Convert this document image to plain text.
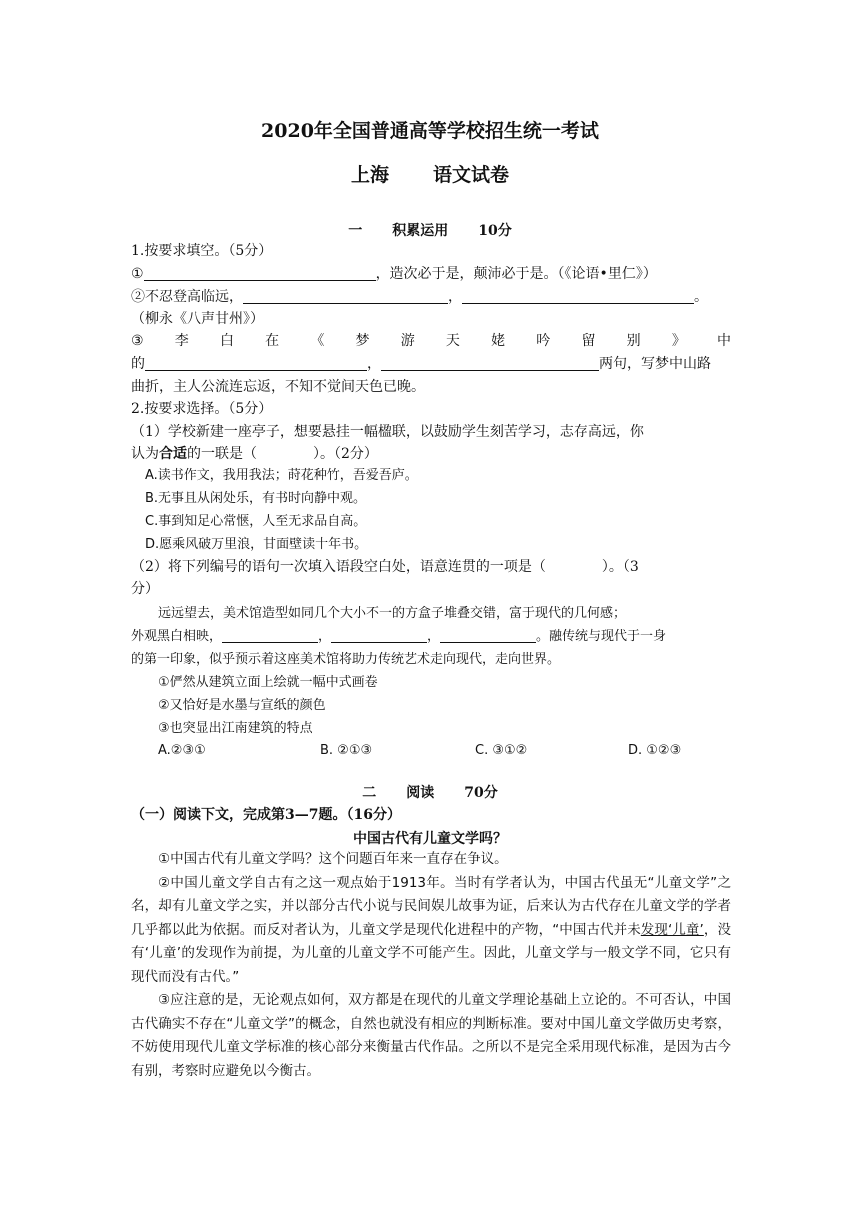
2020年全国普通高等学校招生统一考试
上海 语文试卷
一 积累运用 10分
1.按要求填空。（5分）
①	，造次必于是，颠沛必于是。（《论语•里仁》）
②不忍登高临远，	，	。
（柳永《八声甘州》）
③ 李 白 在 《 梦 游 天 姥 吟 留 别 》 中
的	，	两句，写梦中山路
曲折，主人公流连忘返，不知不觉间天色已晚。
2.按要求选择。（5分）
（1）学校新建一座亭子，想要悬挂一幅楹联，以鼓励学生刻苦学习，志存高远，你
认为合适的一联是（　　　　）。（2分）
A.读书作文，我用我法；莳花种竹，吾爱吾庐。
B.无事且从闲处乐，有书时向静中观。
C.事到知足心常惬，人至无求品自高。
D.愿乘风破万里浪，甘面壁读十年书。
（2）将下列编号的语句一次填入语段空白处，语意连贯的一项是（　　　　）。（3
分）
远远望去，美术馆造型如同几个大小不一的方盒子堆叠交错，富于现代的几何感；
外观黑白相映，	，	，	。融传统与现代于一身
的第一印象，似乎预示着这座美术馆将助力传统艺术走向现代，走向世界。
①俨然从建筑立面上绘就一幅中式画卷
②又恰好是水墨与宣纸的颜色
③也突显出江南建筑的特点
A.②③①	B. ②①③	C. ③①②	D. ①②③
二 阅读 70分
（一）阅读下文，完成第3—7题。（16分）
中国古代有儿童文学吗？

①中国古代有儿童文学吗？这个问题百年来一直存在争议。

②中国儿童文学自古有之这一观点始于1913年。当时有学者认为，中国古代虽无“儿童文学”之名，却有儿童文学之实，并以部分古代小说与民间娱儿故事为证，后来认为古代存在儿童文学的学者几乎都以此为依据。而反对者认为，儿童文学是现代化进程中的产物，“中国古代并未发现‘儿童’，没有‘儿童’的发现作为前提，为儿童的儿童文学不可能产生。因此，儿童文学与一般文学不同，它只有现代而没有古代。”

③应注意的是，无论观点如何，双方都是在现代的儿童文学理论基础上立论的。不可否认，中国古代确实不存在“儿童文学”的概念，自然也就没有相应的判断标准。要对中国儿童文学做历史考察，不妨使用现代儿童文学标准的核心部分来衡量古代作品。之所以不是完全采用现代标准，是因为古今有别，考察时应避免以今衡古。
